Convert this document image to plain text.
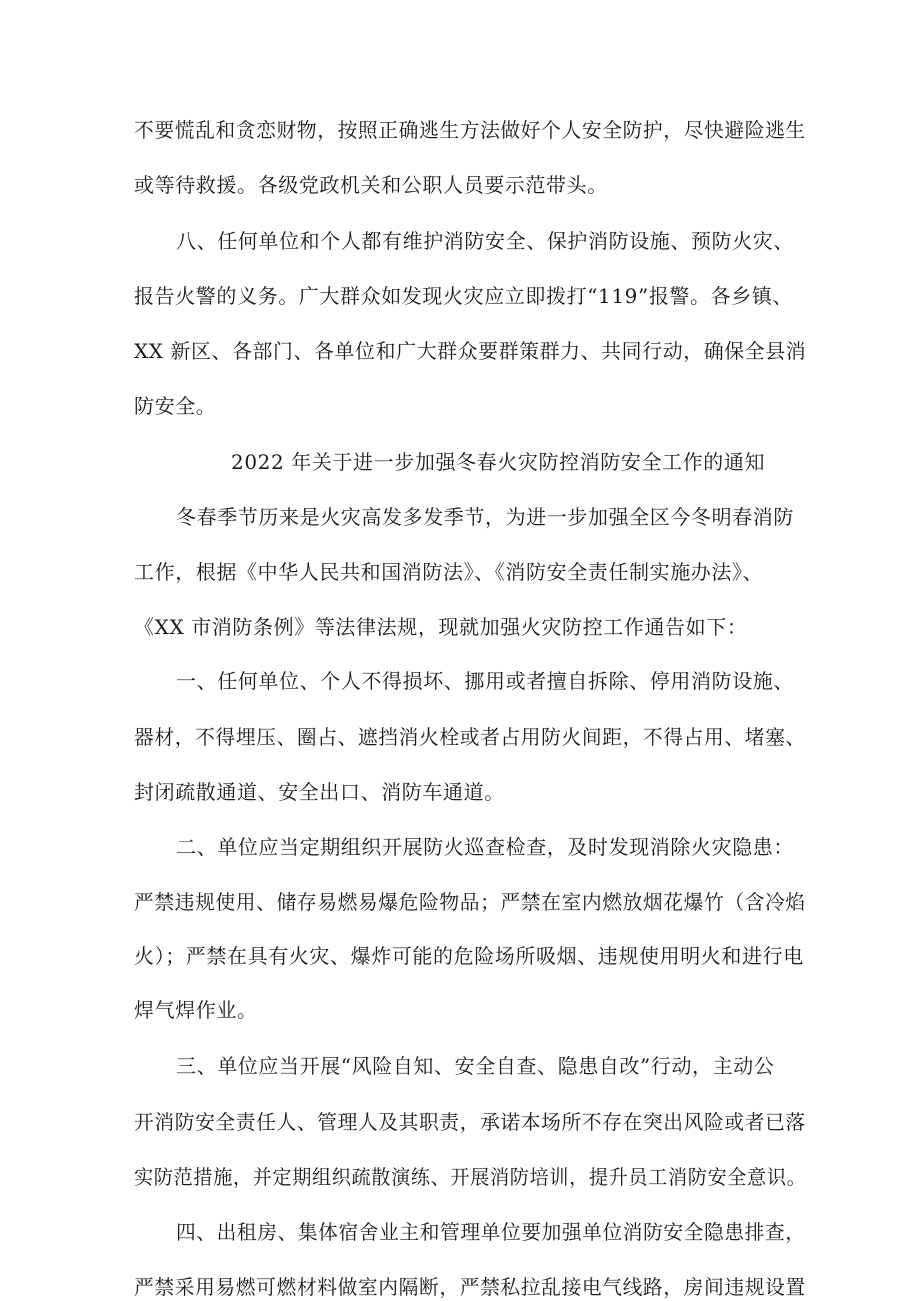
不要慌乱和贪恋财物，按照正确逃生方法做好个人安全防护，尽快避险逃生
或等待救援。各级党政机关和公职人员要示范带头。
八、任何单位和个人都有维护消防安全、保护消防设施、预防火灾、
报告火警的义务。广大群众如发现火灾应立即拨打“119”报警。各乡镇、
XX 新区、各部门、各单位和广大群众要群策群力、共同行动，确保全县消
防安全。
2022 年关于进一步加强冬春火灾防控消防安全工作的通知
冬春季节历来是火灾高发多发季节，为进一步加强全区今冬明春消防
工作，根据《中华人民共和国消防法》、《消防安全责任制实施办法》、
《XX 市消防条例》等法律法规，现就加强火灾防控工作通告如下：
一、任何单位、个人不得损坏、挪用或者擅自拆除、停用消防设施、
器材，不得埋压、圈占、遮挡消火栓或者占用防火间距，不得占用、堵塞、
封闭疏散通道、安全出口、消防车通道。
二、单位应当定期组织开展防火巡查检查，及时发现消除火灾隐患：
严禁违规使用、储存易燃易爆危险物品；严禁在室内燃放烟花爆竹（含冷焰
火）；严禁在具有火灾、爆炸可能的危险场所吸烟、违规使用明火和进行电
焊气焊作业。
三、单位应当开展“风险自知、安全自查、隐患自改”行动，主动公
开消防安全责任人、管理人及其职责，承诺本场所不存在突出风险或者已落
实防范措施，并定期组织疏散演练、开展消防培训，提升员工消防安全意识。
四、出租房、集体宿舍业主和管理单位要加强单位消防安全隐患排查，
严禁采用易燃可燃材料做室内隔断，严禁私拉乱接电气线路，房间违规设置
